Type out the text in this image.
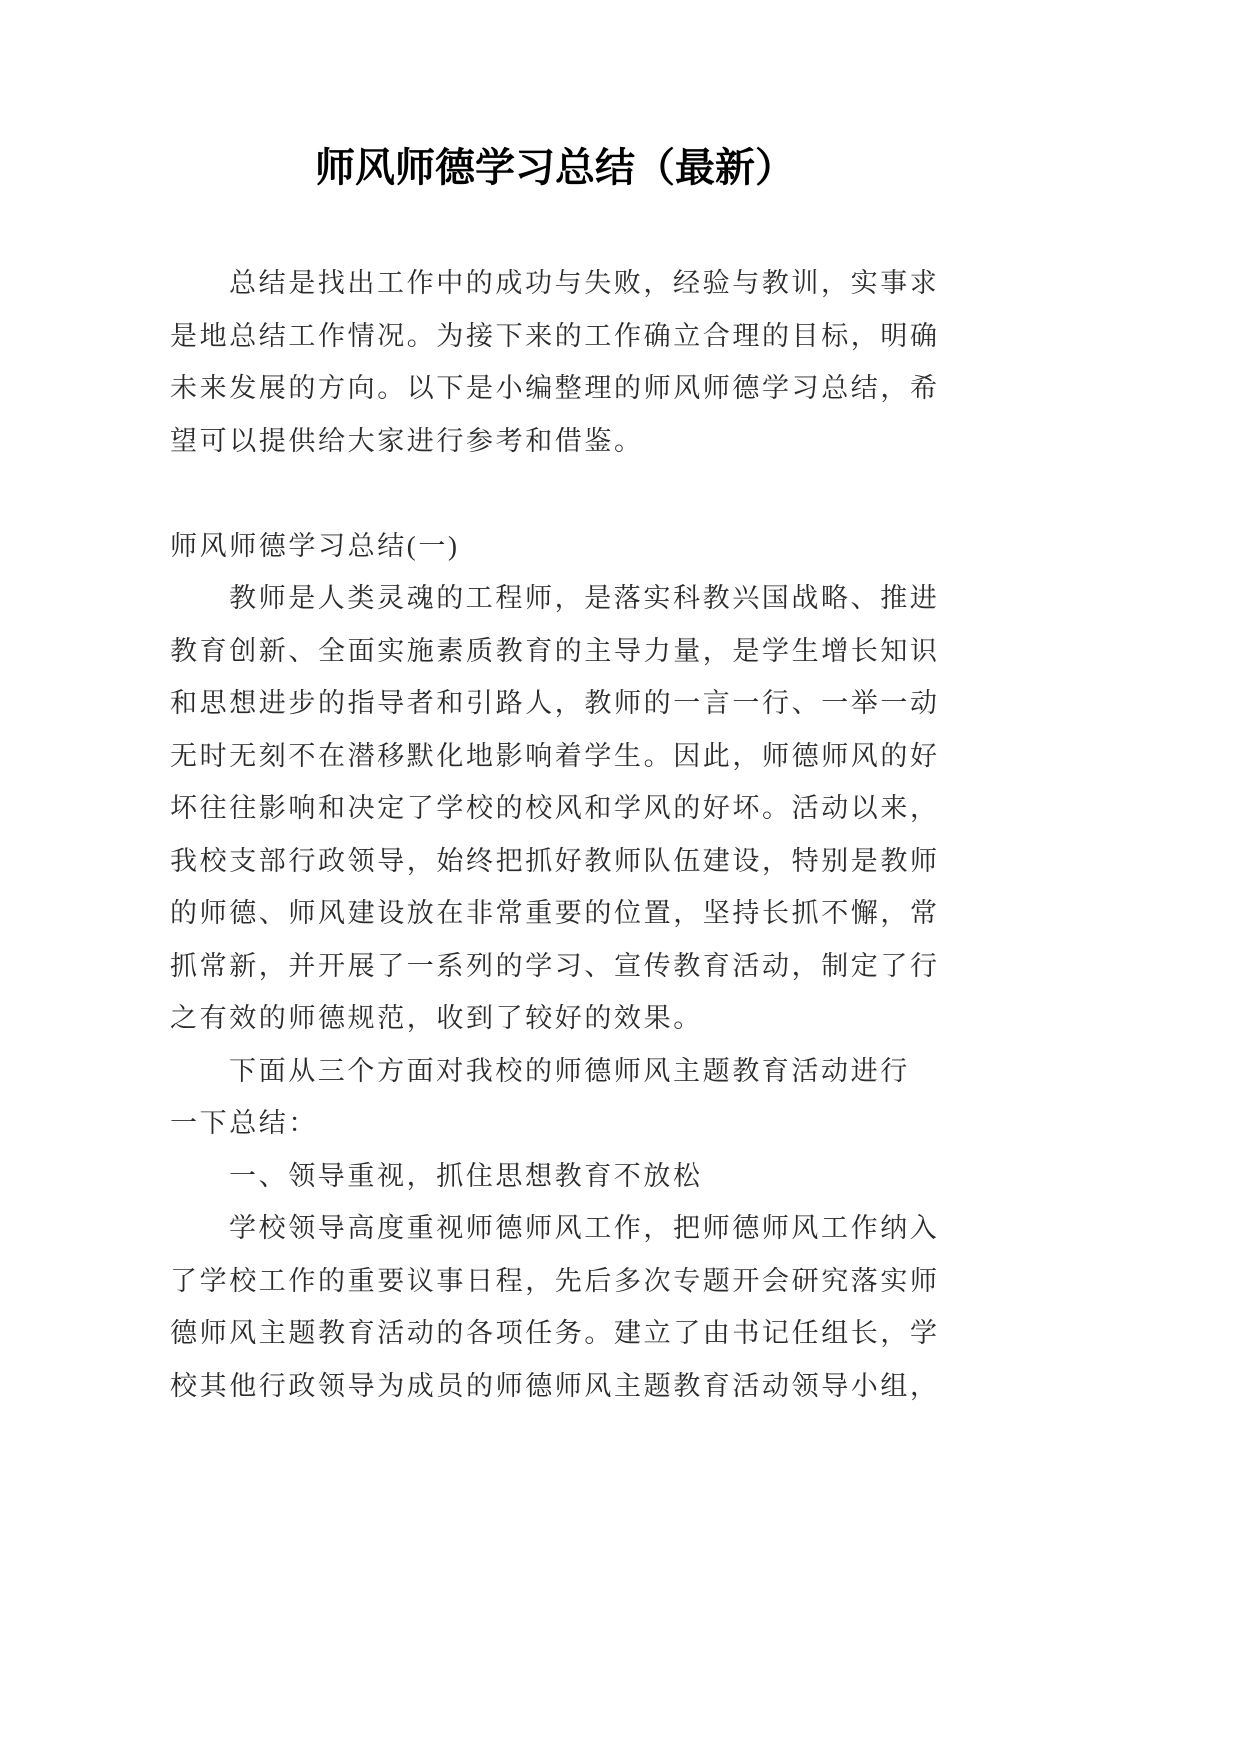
师风师德学习总结（最新）
总结是找出工作中的成功与失败，经验与教训，实事求
是地总结工作情况。为接下来的工作确立合理的目标，明确
未来发展的方向。以下是小编整理的师风师德学习总结，希
望可以提供给大家进行参考和借鉴。
师风师德学习总结(一)
教师是人类灵魂的工程师，是落实科教兴国战略、推进
教育创新、全面实施素质教育的主导力量，是学生增长知识
和思想进步的指导者和引路人，教师的一言一行、一举一动
无时无刻不在潜移默化地影响着学生。因此，师德师风的好
坏往往影响和决定了学校的校风和学风的好坏。活动以来，
我校支部行政领导，始终把抓好教师队伍建设，特别是教师
的师德、师风建设放在非常重要的位置，坚持长抓不懈，常
抓常新，并开展了一系列的学习、宣传教育活动，制定了行
之有效的师德规范，收到了较好的效果。
下面从三个方面对我校的师德师风主题教育活动进行
一下总结：
一、领导重视，抓住思想教育不放松
学校领导高度重视师德师风工作，把师德师风工作纳入
了学校工作的重要议事日程，先后多次专题开会研究落实师
德师风主题教育活动的各项任务。建立了由书记任组长，学
校其他行政领导为成员的师德师风主题教育活动领导小组，
